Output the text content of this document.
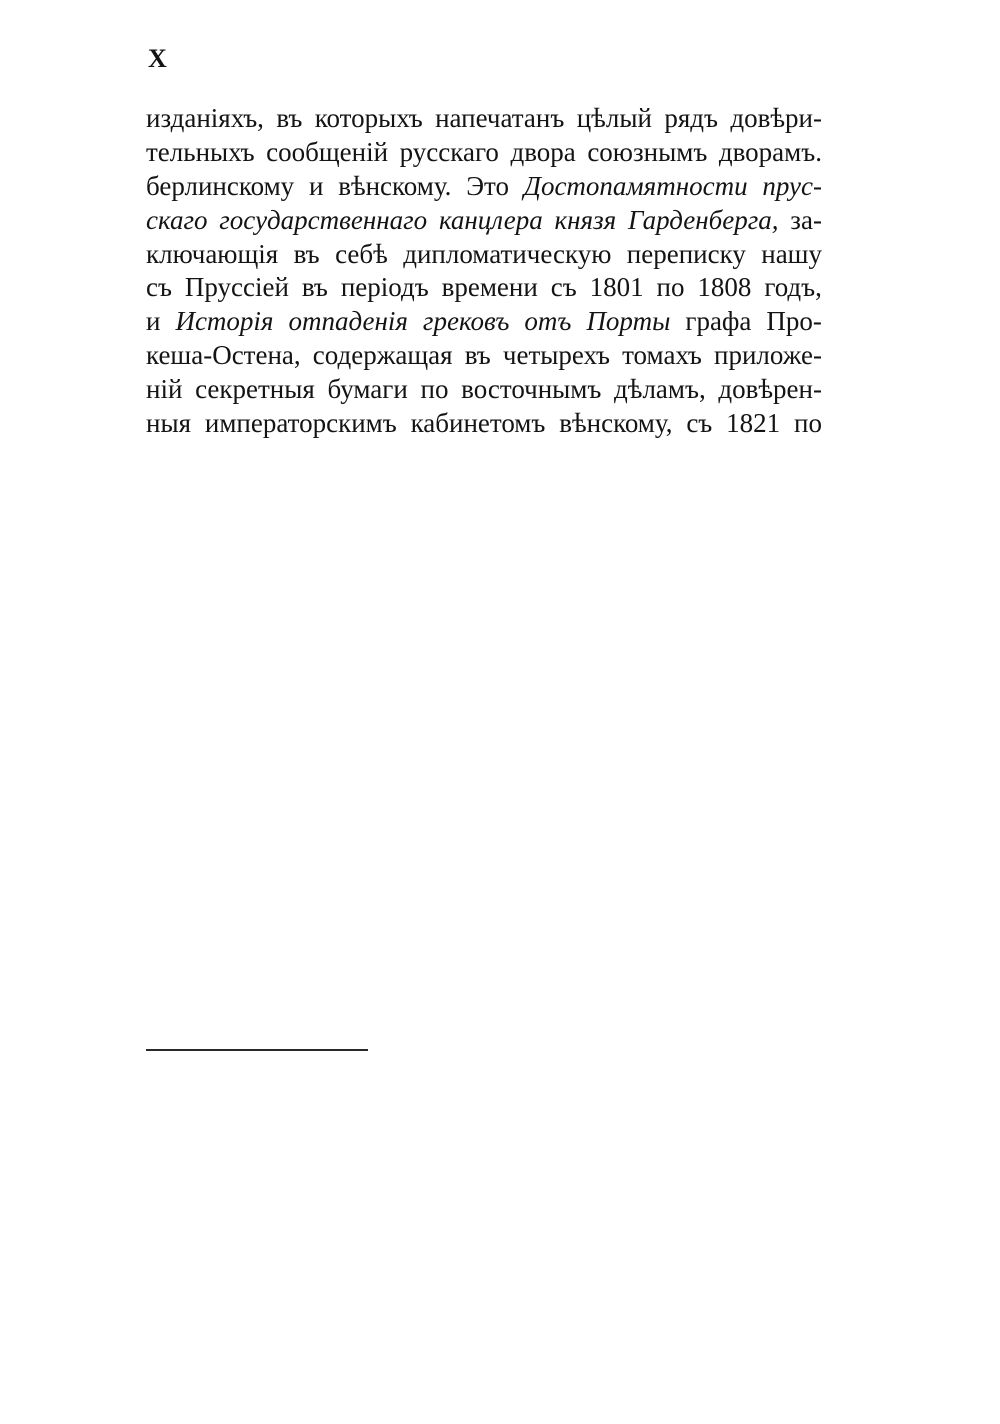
X
изданіяхъ, въ которыхъ напечатанъ цѣлый рядъ довѣри-
тельныхъ сообщеній русскаго двора союзнымъ дворамъ.
берлинскому и вѣнскому. Это Достопамятности прус-
скаго государственнаго канцлера князя Гарденберга, за-
ключающія въ себѣ дипломатическую переписку нашу
съ Пруссіей въ періодъ времени съ 1801 по 1808 годъ,
и Исторія отпаденія грековъ отъ Порты графа Про-
кеша-Остена, содержащая въ четырехъ томахъ приложе-
ній секретныя бумаги по восточнымъ дѣламъ, довѣрен-
ныя императорскимъ кабинетомъ вѣнскому, съ 1821 по
